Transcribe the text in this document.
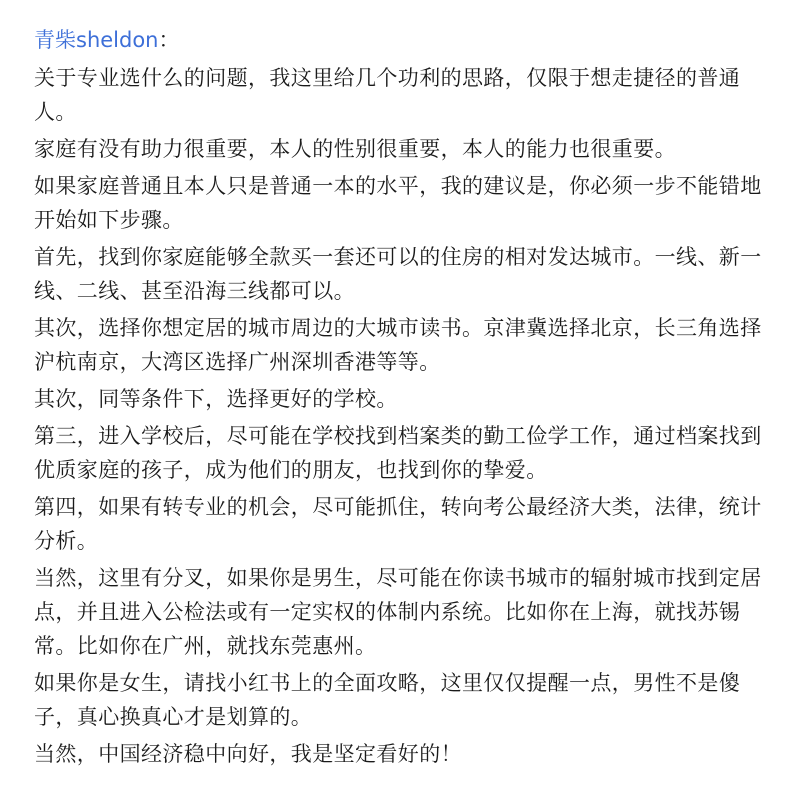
青柴sheldon：

关于专业选什么的问题，我这里给几个功利的思路，仅限于想走捷径的普通人。

家庭有没有助力很重要，本人的性别很重要，本人的能力也很重要。

如果家庭普通且本人只是普通一本的水平，我的建议是，你必须一步不能错地开始如下步骤。

首先，找到你家庭能够全款买一套还可以的住房的相对发达城市。一线、新一线、二线、甚至沿海三线都可以。

其次，选择你想定居的城市周边的大城市读书。京津冀选择北京，长三角选择沪杭南京，大湾区选择广州深圳香港等等。

其次，同等条件下，选择更好的学校。

第三，进入学校后，尽可能在学校找到档案类的勤工俭学工作，通过档案找到优质家庭的孩子，成为他们的朋友，也找到你的挚爱。

第四，如果有转专业的机会，尽可能抓住，转向考公最经济大类，法律，统计分析。

当然，这里有分叉，如果你是男生，尽可能在你读书城市的辐射城市找到定居点，并且进入公检法或有一定实权的体制内系统。比如你在上海，就找苏锡常。比如你在广州，就找东莞惠州。

如果你是女生，请找小红书上的全面攻略，这里仅仅提醒一点，男性不是傻子，真心换真心才是划算的。

当然，中国经济稳中向好，我是坚定看好的！
